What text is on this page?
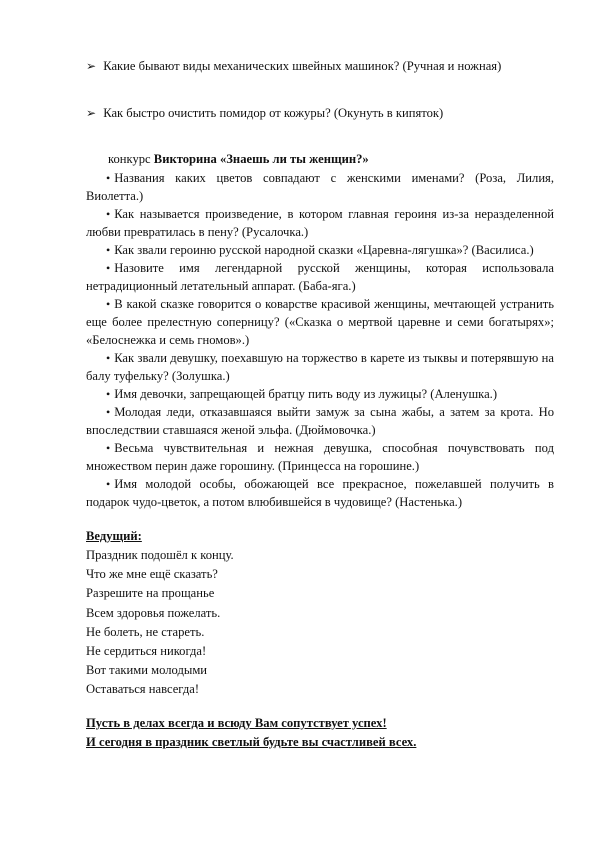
➢ Какие бывают виды механических швейных машинок? (Ручная и ножная)
➢ Как быстро очистить помидор от кожуры? (Окунуть в кипяток)
конкурс Викторина «Знаешь ли ты женщин?»

• Названия каких цветов совпадают с женскими именами? (Роза, Лилия, Виолетта.)

• Как называется произведение, в котором главная героиня из-за неразделенной любви превратилась в пену? (Русалочка.)

• Как звали героиню русской народной сказки «Царевна-лягушка»? (Василиса.)

• Назовите имя легендарной русской женщины, которая использовала нетрадиционный летательный аппарат. (Баба-яга.)

• В какой сказке говорится о коварстве красивой женщины, мечтающей устранить еще более прелестную соперницу? («Сказка о мертвой царевне и семи богатырях»; «Белоснежка и семь гномов».)

• Как звали девушку, поехавшую на торжество в карете из тыквы и потерявшую на балу туфельку? (Золушка.)

• Имя девочки, запрещающей братцу пить воду из лужицы? (Аленушка.)

• Молодая леди, отказавшаяся выйти замуж за сына жабы, а затем за крота. Но впоследствии ставшаяся женой эльфа. (Дюймовочка.)

• Весьма чувствительная и нежная девушка, способная почувствовать под множеством перин даже горошину. (Принцесса на горошине.)

• Имя молодой особы, обожающей все прекрасное, пожелавшей получить в подарок чудо-цветок, а потом влюбившейся в чудовище? (Настенька.)

Ведущий:

Праздник подошёл к концу.

Что же мне ещё сказать?

Разрешите на прощанье

Всем здоровья пожелать.

Не болеть, не стареть.

Не сердиться никогда!

Вот такими молодыми

Оставаться навсегда!

Пусть в делах всегда и всюду Вам сопутствует успех!

И сегодня в праздник светлый будьте вы счастливей всех.
